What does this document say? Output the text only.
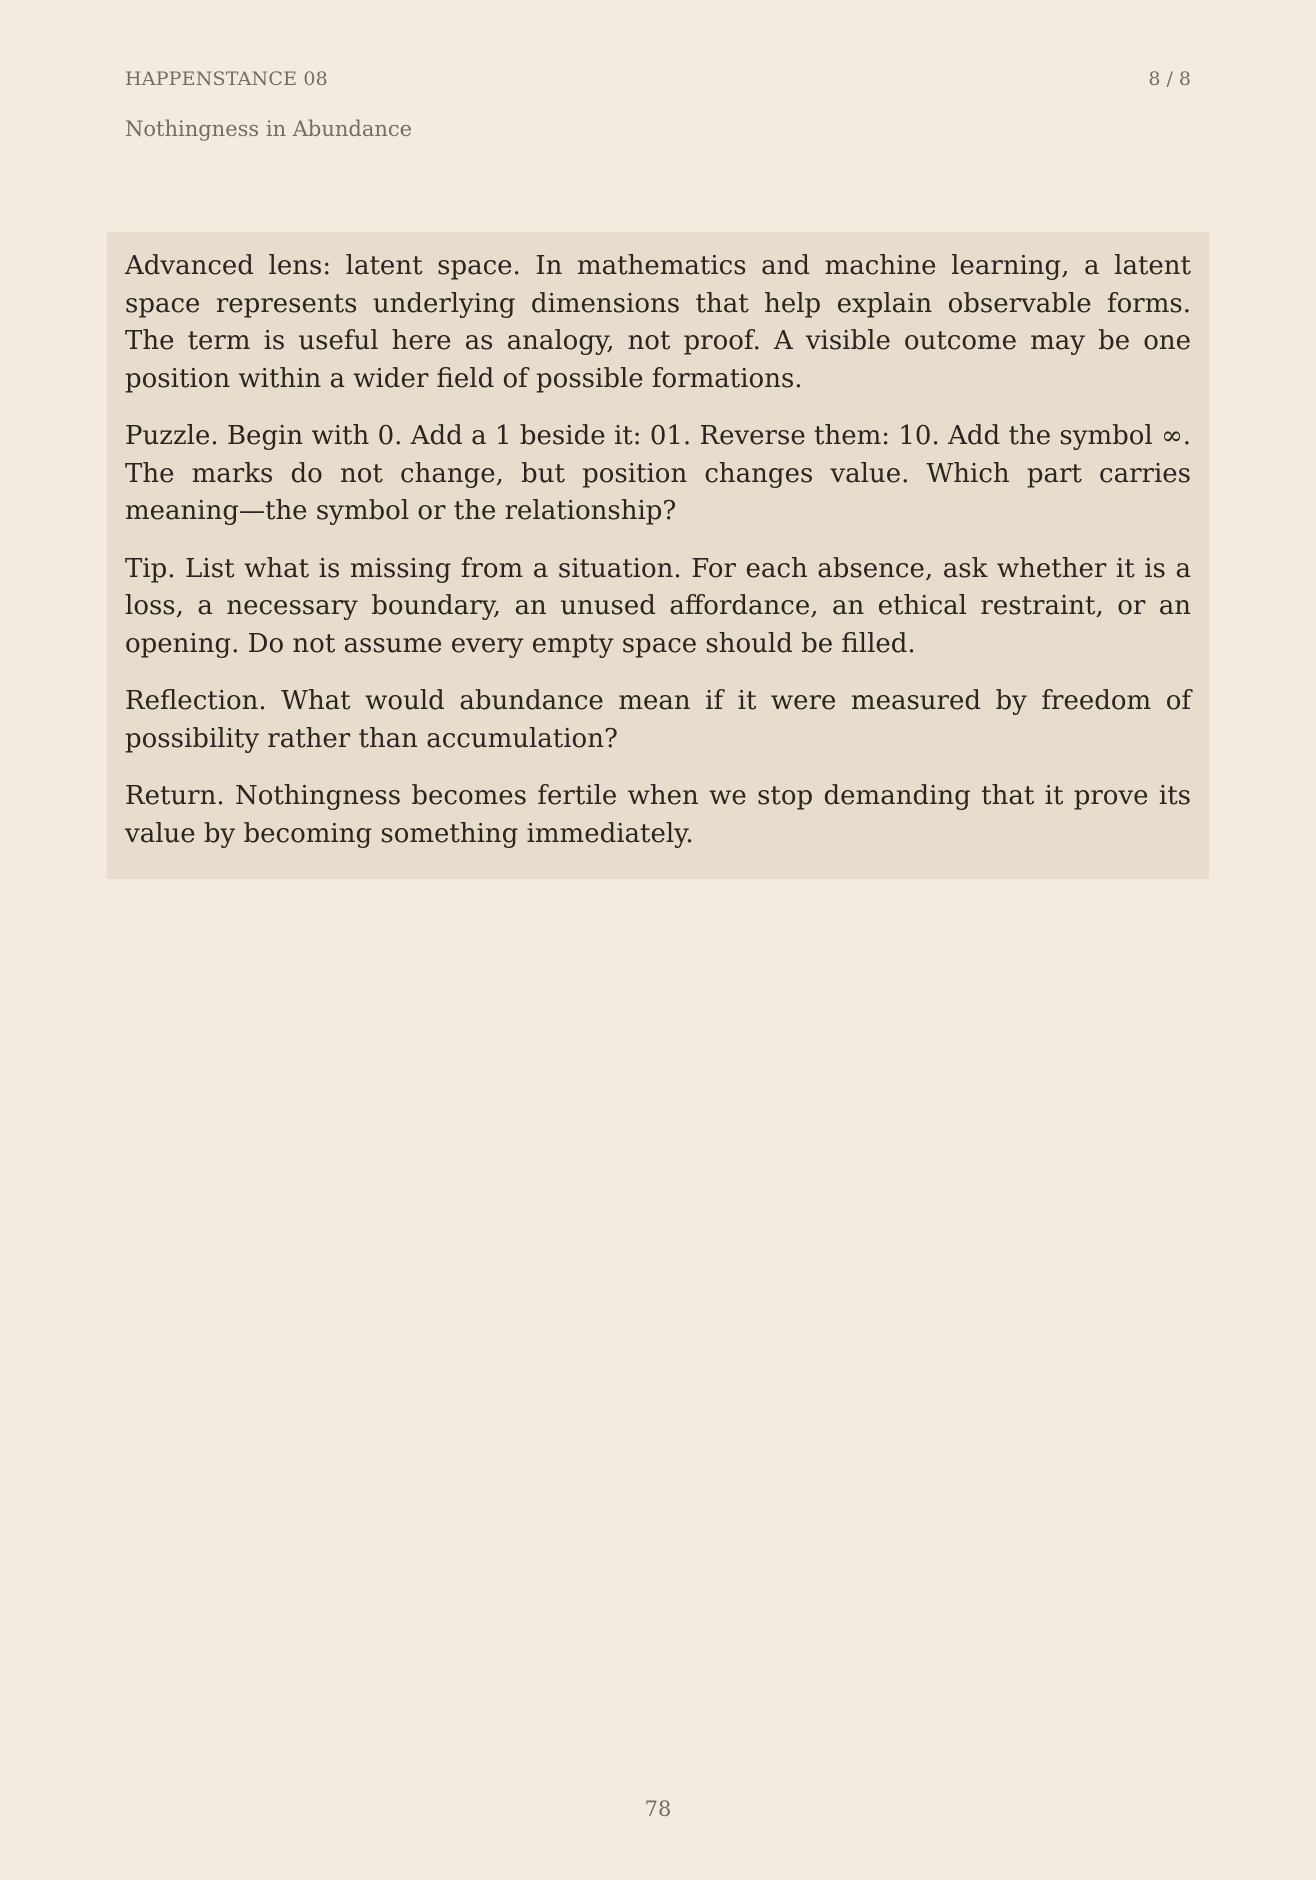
HAPPENSTANCE 08	8 / 8
Nothingness in Abundance

Advanced lens: latent space. In mathematics and machine learning, a latent space represents underlying dimensions that help explain observable forms. The term is useful here as analogy, not proof. A visible outcome may be one position within a wider field of possible formations.

Puzzle. Begin with 0. Add a 1 beside it: 01. Reverse them: 10. Add the symbol ∞. The marks do not change, but position changes value. Which part carries meaning—the symbol or the relationship?

Tip. List what is missing from a situation. For each absence, ask whether it is a loss, a necessary boundary, an unused affordance, an ethical restraint, or an opening. Do not assume every empty space should be filled.

Reflection. What would abundance mean if it were measured by freedom of possibility rather than accumulation?

Return. Nothingness becomes fertile when we stop demanding that it prove its value by becoming something immediately.

78
